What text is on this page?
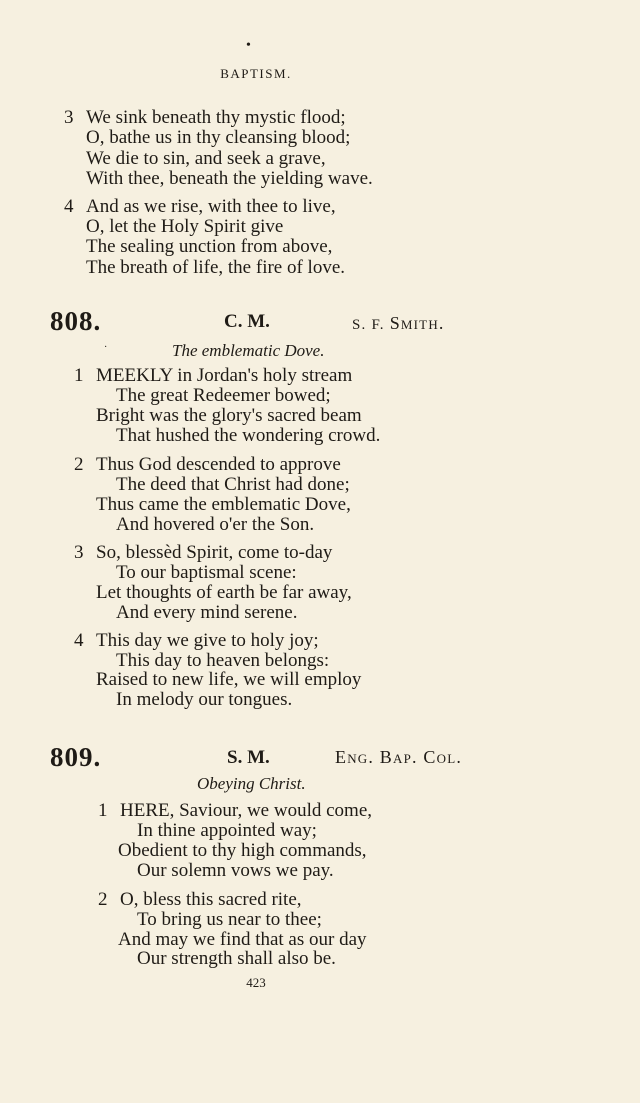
•
BAPTISM.
3 We sink beneath thy mystic flood;
O, bathe us in thy cleansing blood;
We die to sin, and seek a grave,
With thee, beneath the yielding wave.
4 And as we rise, with thee to live,
O, let the Holy Spirit give
The sealing unction from above,
The breath of life, the fire of love.
808.	C. M.	S. F. Smith.
·	The emblematic Dove.
1 MEEKLY in Jordan's holy stream
The great Redeemer bowed;
Bright was the glory's sacred beam
That hushed the wondering crowd.
2 Thus God descended to approve
The deed that Christ had done;
Thus came the emblematic Dove,
And hovered o'er the Son.
3 So, blessèd Spirit, come to-day
To our baptismal scene:
Let thoughts of earth be far away,
And every mind serene.
4 This day we give to holy joy;
This day to heaven belongs:
Raised to new life, we will employ
In melody our tongues.
809.	S. M.	Eng. Bap. Col.
Obeying Christ.
1 HERE, Saviour, we would come,
In thine appointed way;
Obedient to thy high commands,
Our solemn vows we pay.
2 O, bless this sacred rite,
To bring us near to thee;
And may we find that as our day
Our strength shall also be.
423
